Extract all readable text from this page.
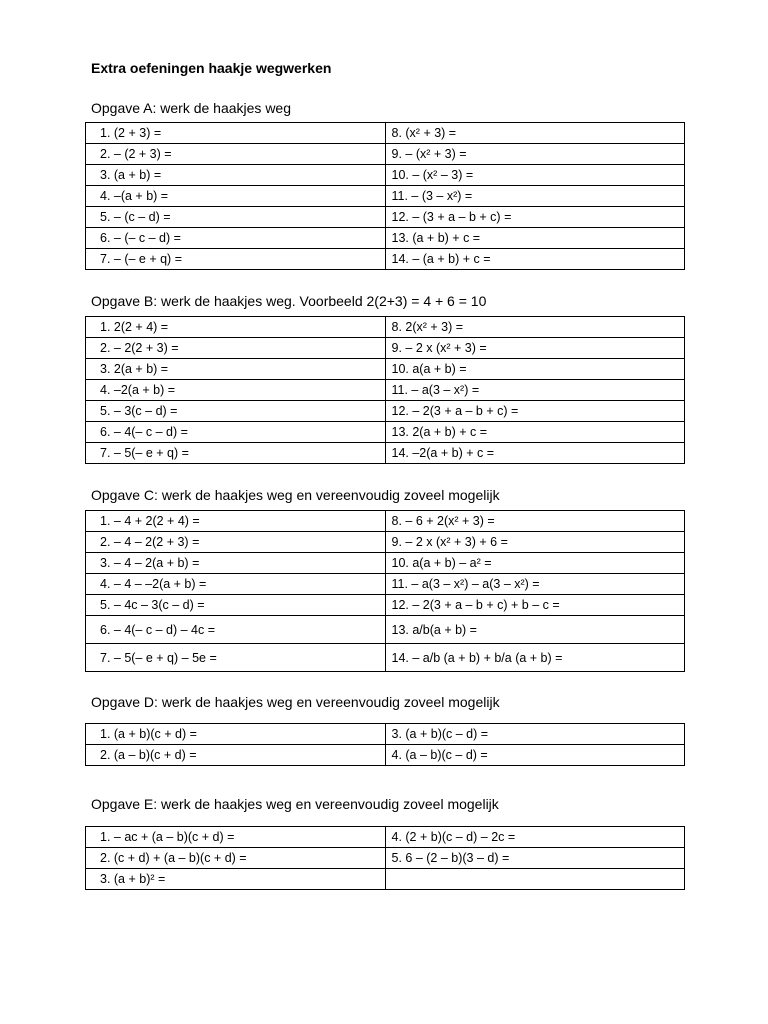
Extra oefeningen haakje wegwerken
Opgave A: werk de haakjes weg
1. (2 + 3) =	8. (x² + 3) =
2. – (2 + 3) =	9. – (x² + 3) =
3. (a + b) =	10. – (x² – 3) =
4. –(a + b) =	11. – (3 – x²) =
5. – (c – d) =	12. – (3 + a – b + c) =
6. – (– c – d) =	13. (a + b) + c =
7. – (– e + q) =	14. – (a + b) + c =
Opgave B: werk de haakjes weg. Voorbeeld 2(2+3) = 4 + 6 = 10
1. 2(2 + 4) =	8. 2(x² + 3) =
2. – 2(2 + 3) =	9. – 2 x (x² + 3) =
3. 2(a + b) =	10. a(a + b) =
4. –2(a + b) =	11. – a(3 – x²) =
5. – 3(c – d) =	12. – 2(3 + a – b + c) =
6. – 4(– c – d) =	13. 2(a + b) + c =
7. – 5(– e + q) =	14. –2(a + b) + c =
Opgave C: werk de haakjes weg en vereenvoudig zoveel mogelijk
1. – 4 + 2(2 + 4) =	8. – 6 + 2(x² + 3) =
2. – 4 – 2(2 + 3) =	9. – 2 x (x² + 3) + 6 =
3. – 4 – 2(a + b) =	10. a(a + b) – a² =
4. – 4 – –2(a + b) =	11. – a(3 – x²) – a(3 – x²) =
5. – 4c – 3(c – d) =	12. – 2(3 + a – b + c) + b – c =
6. – 4(– c – d) – 4c =	13. a/b(a + b) =
7. – 5(– e + q) – 5e =	14. – a/b (a + b) + b/a (a + b) =
Opgave D: werk de haakjes weg en vereenvoudig zoveel mogelijk
1. (a + b)(c + d) =	3. (a + b)(c – d) =
2. (a – b)(c + d) =	4. (a – b)(c – d) =
Opgave E: werk de haakjes weg en vereenvoudig zoveel mogelijk
1. – ac + (a – b)(c + d) =	4. (2 + b)(c – d) – 2c =
2. (c + d) + (a – b)(c + d) =	5. 6 – (2 – b)(3 – d) =
3. (a + b)² =	
